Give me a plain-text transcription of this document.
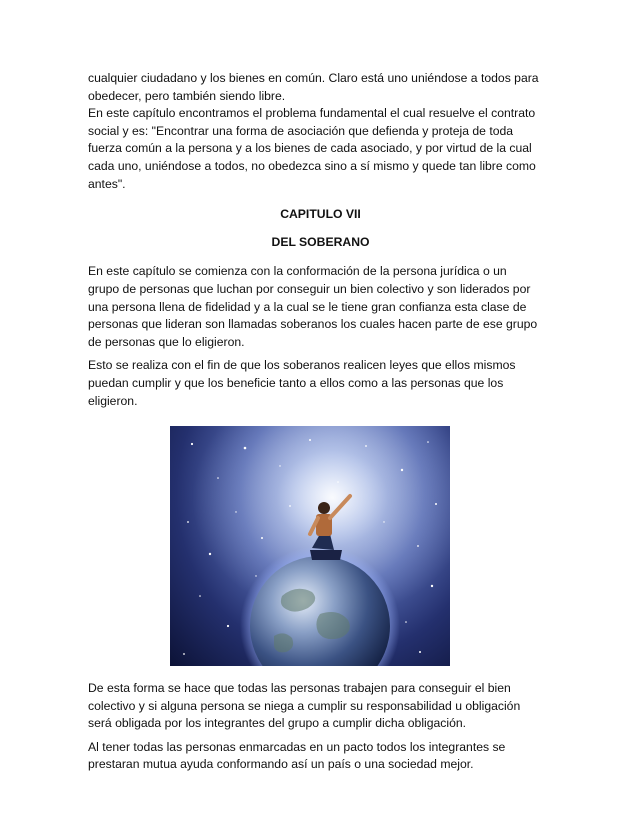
cualquier ciudadano y los bienes en común. Claro está uno uniéndose a todos para
obedecer, pero también siendo libre.
En este capítulo encontramos el problema fundamental el cual resuelve el contrato
social y es: "Encontrar una forma de asociación que defienda y proteja de toda
fuerza común a la persona y a los bienes de cada asociado, y por virtud de la cual
cada uno, uniéndose a todos, no obedezca sino a sí mismo y quede tan libre como
antes".

CAPITULO VII
DEL SOBERANO

En este capítulo se comienza con la conformación de la persona jurídica o un
grupo de personas que luchan por conseguir un bien colectivo y son liderados por
una persona llena de fidelidad y a la cual se le tiene gran confianza esta clase de
personas que lideran son llamadas soberanos los cuales hacen parte de ese grupo
de personas que lo eligieron.

Esto se realiza con el fin de que los soberanos realicen leyes que ellos mismos
puedan cumplir y que los beneficie tanto a ellos como a las personas que los
eligieron.

De esta forma se hace que todas las personas trabajen para conseguir el bien
colectivo y si alguna persona se niega a cumplir su responsabilidad u obligación
será obligada por los integrantes del grupo a cumplir dicha obligación.

Al tener todas las personas enmarcadas en un pacto todos los integrantes se
prestaran mutua ayuda conformando así un país o una sociedad mejor.
